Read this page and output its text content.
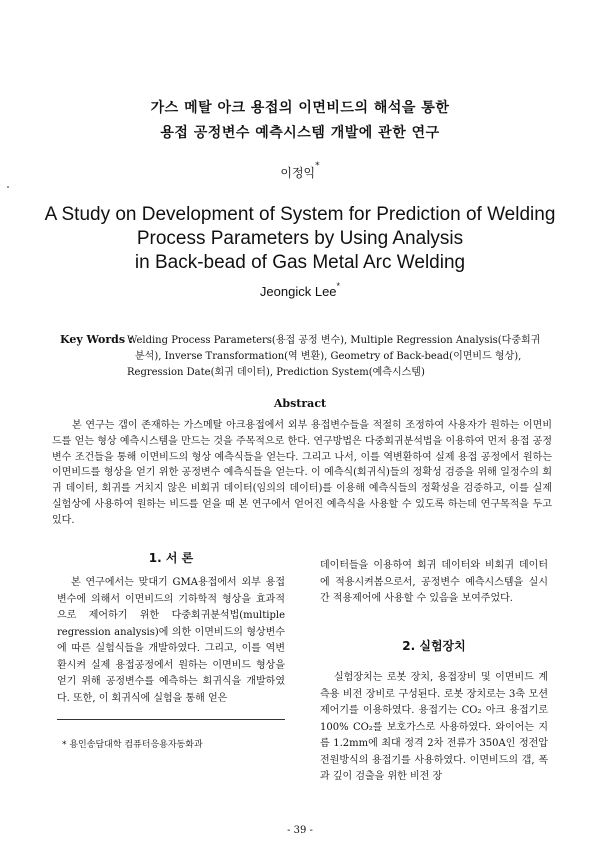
가스 메탈 아크 용접의 이면비드의 해석을 통한
용접 공정변수 예측시스템 개발에 관한 연구
이정익*
A Study on Development of System for Prediction of Welding
Process Parameters by Using Analysis
in Back-bead of Gas Metal Arc Welding
Jeongick Lee*
Key Words :
Welding Process Parameters(용접 공정 변수), Multiple Regression Analysis(다중회귀
분석), Inverse Transformation(역 변환), Geometry of Back-bead(이면비드 형상),
Regression Date(회귀 데이터), Prediction System(예측시스템)
Abstract
본 연구는 갭이 존재하는 가스메탈 아크용접에서 외부 용접변수들을 적절히 조정하여 사용자가 원하는 이면비드를 얻는 형상 예측시스템을 만드는 것을 주목적으로 한다. 연구방법은 다중회귀분석법을 이용하여 먼저 용접 공정변수 조건들을 통해 이면비드의 형상 예측식들을 얻는다. 그리고 나서, 이를 역변환하여 실제 용접 공정에서 원하는 이면비드를 형상을 얻기 위한 공정변수 예측식들을 얻는다. 이 예측식(회귀식)들의 정확성 검증을 위해 일정수의 회귀 데이터, 회귀를 거치지 않은 비회귀 데이터(임의의 데이터)를 이용해 예측식들의 정확성을 검증하고, 이를 실제 실험상에 사용하여 원하는 비드를 얻을 때 본 연구에서 얻어진 예측식을 사용할 수 있도록 하는데 연구목적을 두고 있다.
1. 서 론
본 연구에서는 맞대기 GMA용접에서 외부 용접변수에 의해서 이면비드의 기하학적 형상을 효과적으로 제어하기 위한 다중회귀분석법(multiple regression analysis)에 의한 이면비드의 형상변수에 따른 실험식들을 개발하였다. 그리고, 이를 역변환시켜 실제 용접공정에서 원하는 이면비드 형상을 얻기 위해 공정변수를 예측하는 회귀식을 개발하였다. 또한, 이 회귀식에 실험을 통해 얻은
* 용인송담대학 컴퓨터응용자동화과
데이터들을 이용하여 회귀 데이터와 비회귀 데이터에 적용시켜봄으로서, 공정변수 예측시스템을 실시간 적용제어에 사용할 수 있음을 보여주었다.
2. 실험장치
실험장치는 로봇 장치, 용접장비 및 이면비드 계측용 비전 장비로 구성된다. 로봇 장치로는 3축 모션제어기를 이용하였다. 용접기는 CO₂ 아크 용접기로 100% CO₂를 보호가스로 사용하였다. 와이어는 지름 1.2mm에 최대 정격 2차 전류가 350A인 정전압 전원방식의 용접기를 사용하였다. 이면비드의 갭, 폭과 깊이 검출을 위한 비전 장
- 39 -
